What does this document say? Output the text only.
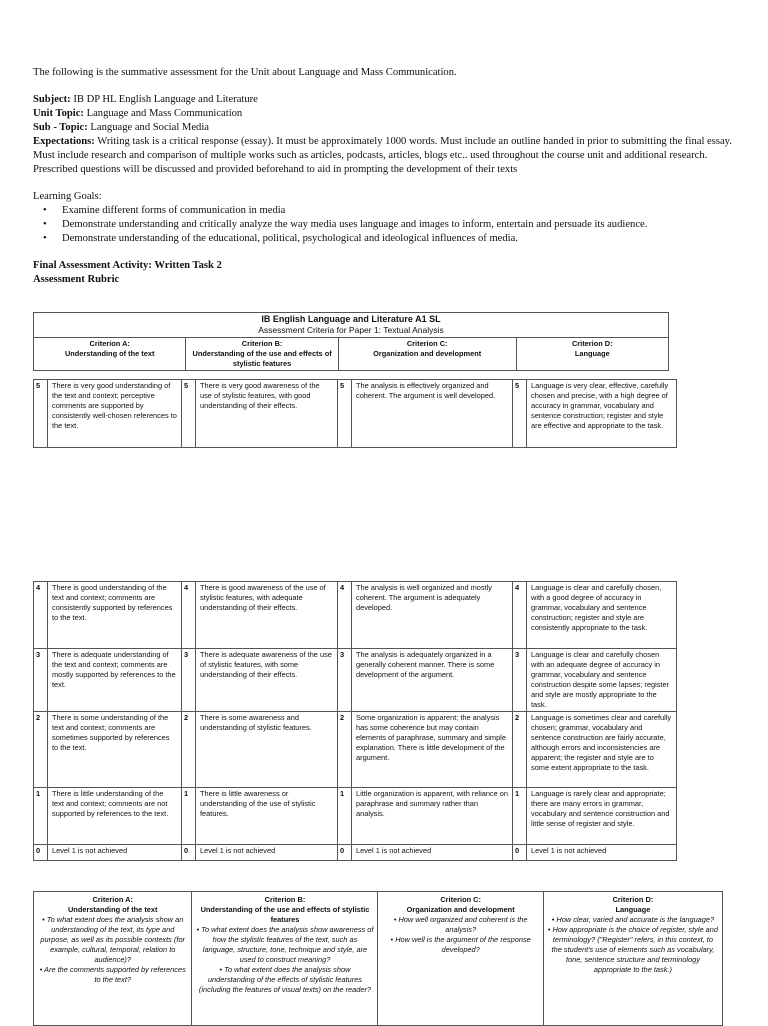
The following is the summative assessment for the Unit about Language and Mass Communication.

Subject: IB DP HL English Language and Literature

Unit Topic: Language and Mass Communication

Sub - Topic: Language and Social Media

Expectations: Writing task is a critical response (essay). It must be approximately 1000 words. Must include an outline handed in prior to submitting the final essay. Must include research and comparison of multiple works such as articles, podcasts, articles, blogs etc.. used throughout the course unit and additional research. Prescribed questions will be discussed and provided beforehand to aid in prompting the development of their texts

Learning Goals:

• Examine different forms of communication in media
• Demonstrate understanding and critically analyze the way media uses language and images to inform, entertain and persuade its audience.
• Demonstrate understanding of the educational, political, psychological and ideological influences of media.

Final Assessment Activity: Written Task 2

Assessment Rubric

IB English Language and Literature A1 SL
Assessment Criteria for Paper 1: Textual Analysis

Criterion A:
Understanding of the text

Criterion B:
Understanding of the use and effects of stylistic features

Criterion C:
Organization and development

Criterion D:
Language
5	There is very good understanding of the text and context; perceptive comments are supported by consistently well-chosen references to the text.	5	There is very good awareness of the use of stylistic features, with good understanding of their effects.	5	The analysis is effectively organized and coherent. The argument is well developed.	5	Language is very clear, effective, carefully chosen and precise, with a high degree of accuracy in grammar, vocabulary and sentence construction; register and style are effective and appropriate to the task.
4	There is good understanding of the text and context; comments are consistently supported by references to the text.	4	There is good awareness of the use of stylistic features, with adequate understanding of their effects.	4	The analysis is well organized and mostly coherent. The argument is adequately developed.	4	Language is clear and carefully chosen, with a good degree of accuracy in grammar, vocabulary and sentence construction; register and style are consistently appropriate to the task.
3	There is adequate understanding of the text and context; comments are mostly supported by references to the text.	3	There is adequate awareness of the use of stylistic features, with some understanding of their effects.	3	The analysis is adequately organized in a generally coherent manner. There is some development of the argument.	3	Language is clear and carefully chosen with an adequate degree of accuracy in grammar, vocabulary and sentence construction despite some lapses; register and style are mostly appropriate to the task.
2	There is some understanding of the text and context; comments are sometimes supported by references to the text.	2	There is some awareness and understanding of stylistic features.	2	Some organization is apparent; the analysis has some coherence but may contain elements of paraphrase, summary and simple explanation. There is little development of the argument.	2	Language is sometimes clear and carefully chosen; grammar, vocabulary and sentence construction are fairly accurate, although errors and inconsistencies are apparent; the register and style are to some extent appropriate to the task.
1	There is little understanding of the text and context; comments are not supported by references to the text.	1	There is little awareness or understanding of the use of stylistic features.	1	Little organization is apparent, with reliance on paraphrase and summary rather than analysis.	1	Language is rarely clear and appropriate; there are many errors in grammar, vocabulary and sentence construction and little sense of register and style.
0	Level 1 is not achieved	0	Level 1 is not achieved	0	Level 1 is not achieved	0	Level 1 is not achieved
Criterion A:
Understanding of the text
• To what extent does the analysis show an understanding of the text, its type and purpose, as well as its possible contexts (for example, cultural, temporal, relation to audience)?
• Are the comments supported by references to the text?
	Criterion B:
Understanding of the use and effects of stylistic features
• To what extent does the analysis show awareness of how the stylistic features of the text, such as language, structure, tone, technique and style, are used to construct meaning?
• To what extent does the analysis show understanding of the effects of stylistic features (including the features of visual texts) on the reader?
	Criterion C:
Organization and development
• How well organized and coherent is the analysis?
• How well is the argument of the response developed?
	Criterion D:
Language
• How clear, varied and accurate is the language?
• How appropriate is the choice of register, style and terminology? ("Register" refers, in this context, to the student's use of elements such as vocabulary, tone, sentence structure and terminology appropriate to the task.)
